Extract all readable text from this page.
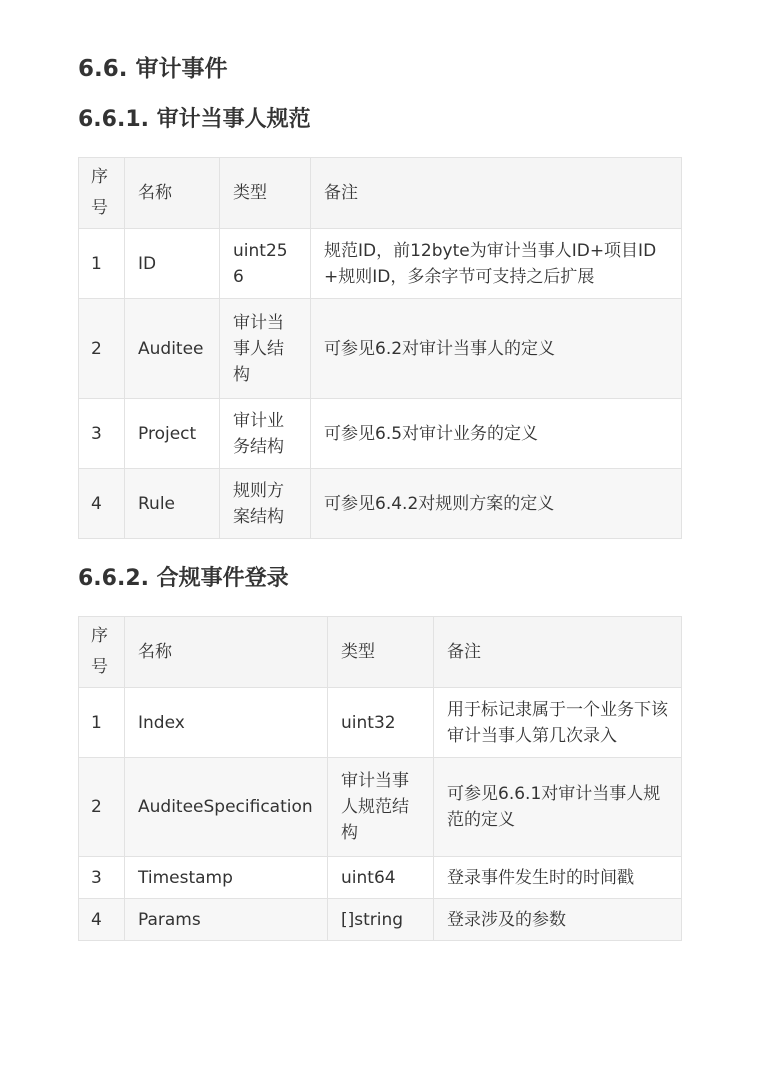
6.6. 审计事件
6.6.1. 审计当事人规范
序号	名称	类型	备注
1	ID	uint256	规范ID，前12byte为审计当事人ID+项目ID+规则ID，多余字节可支持之后扩展
2	Auditee	审计当事人结构	可参见6.2对审计当事人的定义
3	Project	审计业务结构	可参见6.5对审计业务的定义
4	Rule	规则方案结构	可参见6.4.2对规则方案的定义
6.6.2. 合规事件登录
序号	名称	类型	备注
1	Index	uint32	用于标记隶属于一个业务下该审计当事人第几次录入
2	AuditeeSpecification	审计当事人规范结构	可参见6.6.1对审计当事人规范的定义
3	Timestamp	uint64	登录事件发生时的时间戳
4	Params	[]string	登录涉及的参数
